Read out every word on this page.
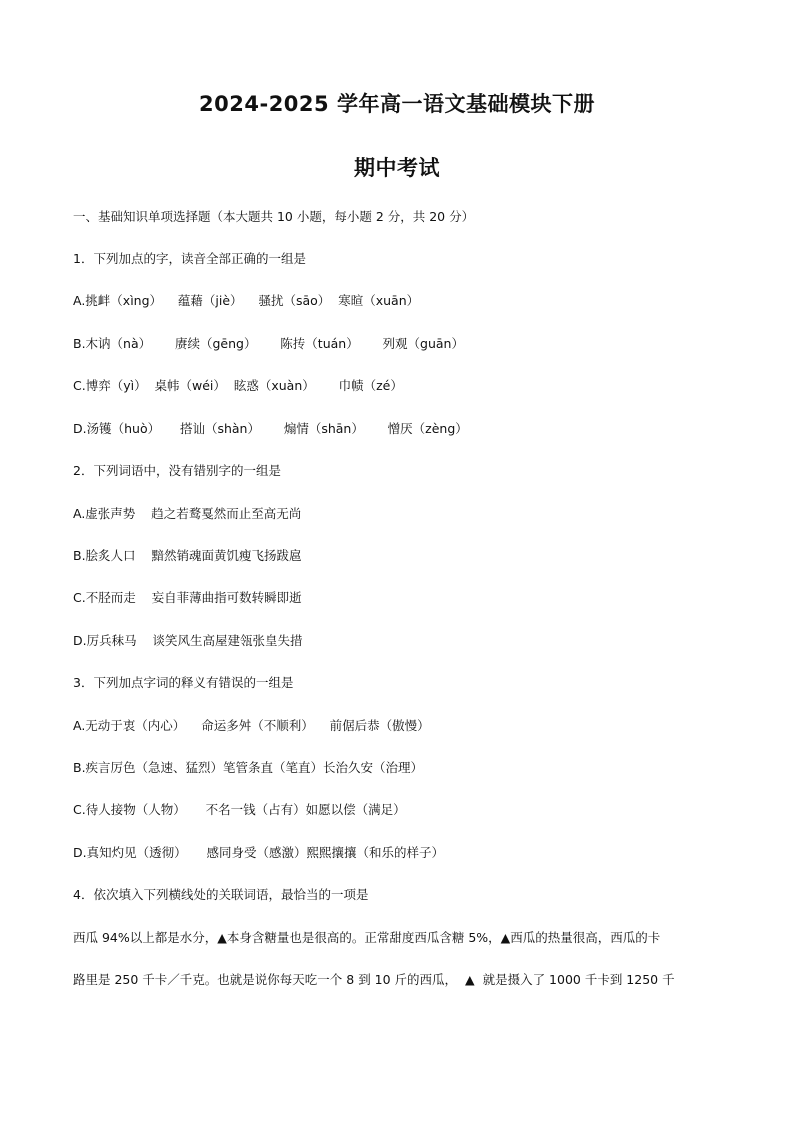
2024-2025 学年高一语文基础模块下册
期中考试
一、基础知识单项选择题（本大题共 10 小题，每小题 2 分，共 20 分）
1．下列加点的字，读音全部正确的一组是
A.挑衅（xìng）    蕴藉（jiè）    骚扰（sāo）  寒暄（xuān）
B.木讷（nà）      赓续（gēng）      陈抟（tuán）      列观（guān）
C.博弈（yì）  桌帏（wéi）  眩惑（xuàn）      巾帻（zé）
D.汤镬（huò）     搭讪（shàn）      煽情（shān）      憎厌（zèng）
2．下列词语中，没有错别字的一组是
A.虚张声势    趋之若鹜戛然而止至高无尚
B.脍炙人口    黯然销魂面黄饥瘦飞扬跋扈
C.不胫而走    妄自菲薄曲指可数转瞬即逝
D.厉兵秣马    谈笑风生高屋建瓴张皇失措
3．下列加点字词的释义有错误的一组是
A.无动于衷（内心）    命运多舛（不顺利）    前倨后恭（傲慢）
B.疾言厉色（急速、猛烈）笔管条直（笔直）长治久安（治理）
C.待人接物（人物）     不名一钱（占有）如愿以偿（满足）
D.真知灼见（透彻）     感同身受（感激）熙熙攘攘（和乐的样子）
4．依次填入下列横线处的关联词语，最恰当的一项是
西瓜 94%以上都是水分，▲本身含糖量也是很高的。正常甜度西瓜含糖 5%，▲西瓜的热量很高，西瓜的卡
路里是 250 千卡／千克。也就是说你每天吃一个 8 到 10 斤的西瓜，  ▲  就是摄入了 1000 千卡到 1250 千
